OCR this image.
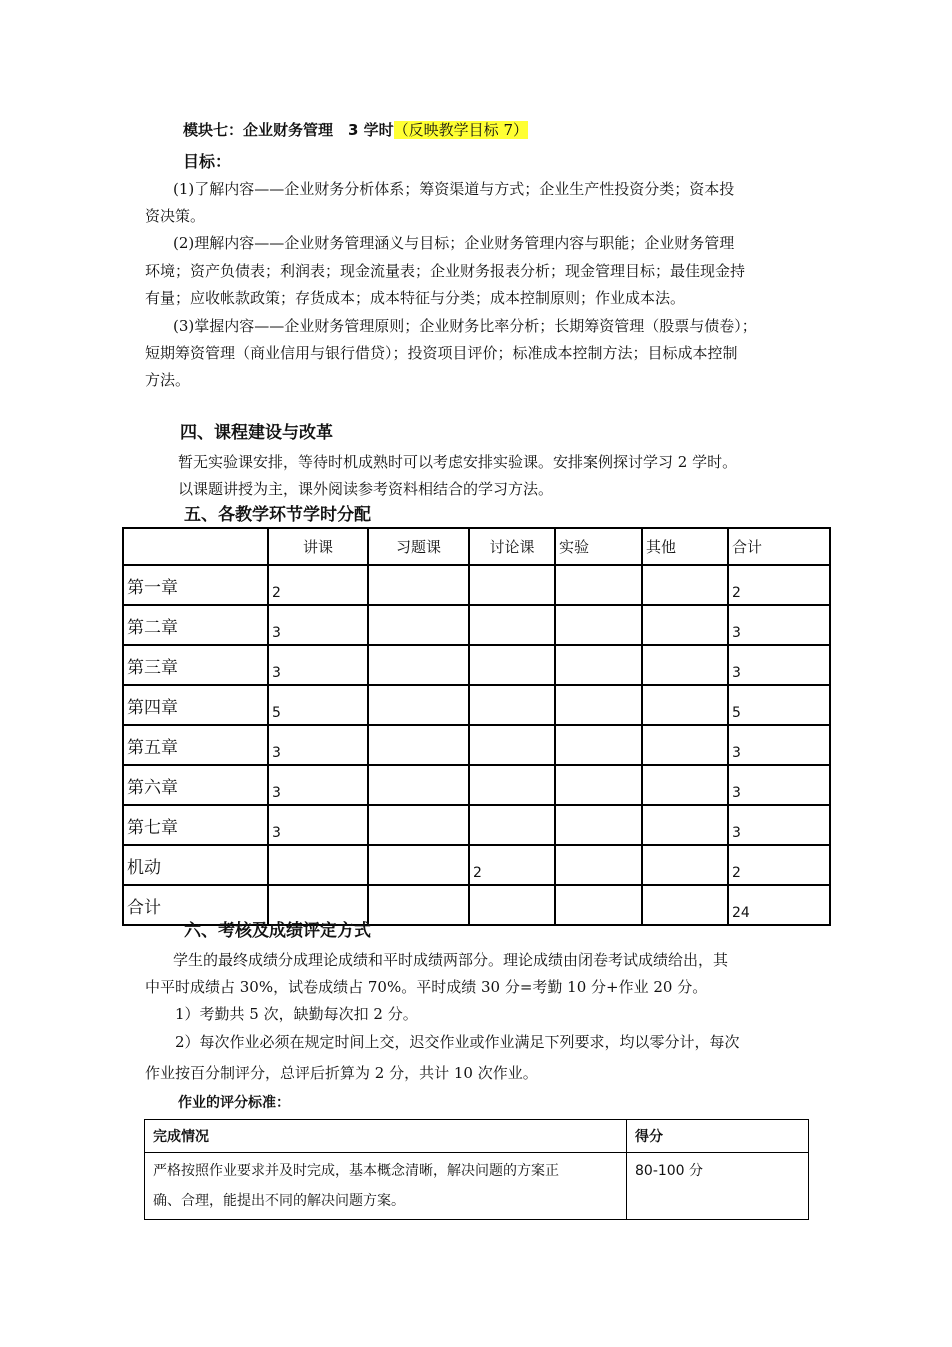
模块七：企业财务管理　3 学时（反映教学目标 7）
目标：
(1)了解内容——企业财务分析体系；筹资渠道与方式；企业生产性投资分类；资本投
资决策。
(2)理解内容——企业财务管理涵义与目标；企业财务管理内容与职能；企业财务管理
环境；资产负债表；利润表；现金流量表；企业财务报表分析；现金管理目标；最佳现金持
有量；应收帐款政策；存货成本；成本特征与分类；成本控制原则；作业成本法。
(3)掌握内容——企业财务管理原则；企业财务比率分析；长期筹资管理（股票与债卷）；
短期筹资管理（商业信用与银行借贷）；投资项目评价；标准成本控制方法；目标成本控制
方法。
四、课程建设与改革
暂无实验课安排，等待时机成熟时可以考虑安排实验课。安排案例探讨学习 2 学时。
以课题讲授为主，课外阅读参考资料相结合的学习方法。
五、各教学环节学时分配
	讲课	习题课	讨论课	实验	其他	合计
第一章	2					2
第二章	3					3
第三章	3					3
第四章	5					5
第五章	3					3
第六章	3					3
第七章	3					3
机动			2			2
合计						24
六、考核及成绩评定方式
学生的最终成绩分成理论成绩和平时成绩两部分。理论成绩由闭卷考试成绩给出，其
中平时成绩占 30%，试卷成绩占 70%。平时成绩 30 分=考勤 10 分+作业 20 分。
1）考勤共 5 次，缺勤每次扣 2 分。
2）每次作业必须在规定时间上交，迟交作业或作业满足下列要求，均以零分计，每次
作业按百分制评分，总评后折算为 2 分，共计 10 次作业。
作业的评分标准：
完成情况	得分

严格按照作业要求并及时完成，基本概念清晰，解决问题的方案正
确、合理，能提出不同的解决问题方案。	80-100 分
